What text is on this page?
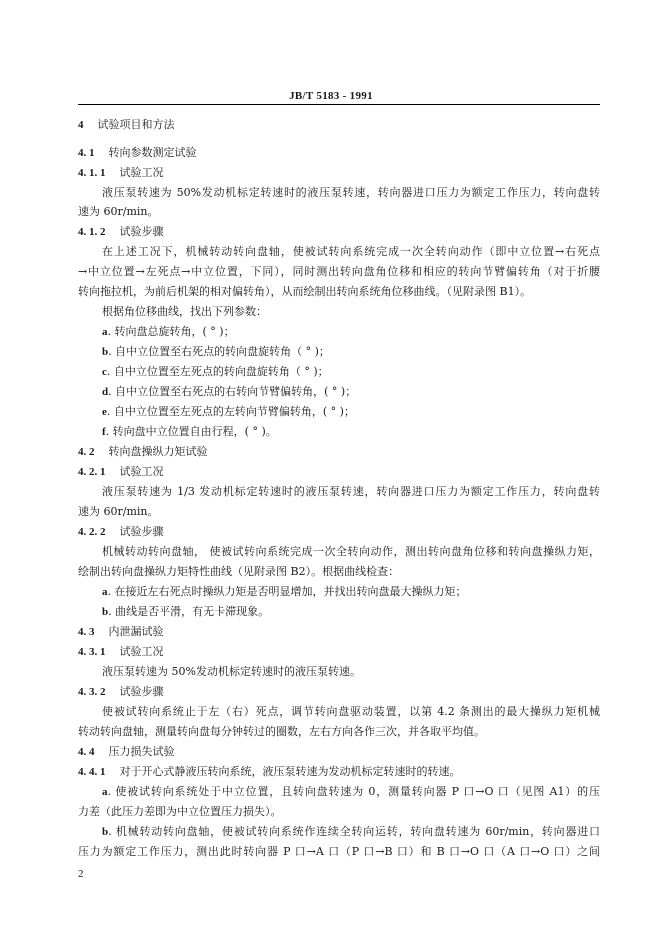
JB/T 5183 - 1991
4 试验项目和方法
4. 1 转向参数测定试验
4. 1. 1 试验工况
液压泵转速为 50%发动机标定转速时的液压泵转速，转向器进口压力为额定工作压力，转向盘转
速为 60r/min。
4. 1. 2 试验步骤
在上述工况下，机械转动转向盘轴，使被试转向系统完成一次全转向动作（即中立位置→右死点
→中立位置→左死点→中立位置，下同），同时测出转向盘角位移和相应的转向节臂偏转角（对于折腰
转向拖拉机，为前后机架的相对偏转角），从而绘制出转向系统角位移曲线。（见附录图 B1）。
根据角位移曲线，找出下列参数：
a. 转向盘总旋转角，( ° )；
b. 自中立位置至右死点的转向盘旋转角（ ° )；
c. 自中立位置至左死点的转向盘旋转角（ ° )；
d. 自中立位置至右死点的右转向节臂偏转角，( ° )；
e. 自中立位置至左死点的左转向节臂偏转角，( ° )；
f. 转向盘中立位置自由行程，( ° )。
4. 2 转向盘操纵力矩试验
4. 2. 1 试验工况
液压泵转速为 1/3 发动机标定转速时的液压泵转速，转向器进口压力为额定工作压力，转向盘转
速为 60r/min。
4. 2. 2 试验步骤
机械转动转向盘轴， 使被试转向系统完成一次全转向动作，测出转向盘角位移和转向盘操纵力矩，
绘制出转向盘操纵力矩特性曲线（见附录图 B2）。根据曲线检查：
a. 在接近左右死点时操纵力矩是否明显增加，并找出转向盘最大操纵力矩；
b. 曲线是否平滑，有无卡滞现象。
4. 3 内泄漏试验
4. 3. 1 试验工况
液压泵转速为 50%发动机标定转速时的液压泵转速。
4. 3. 2 试验步骤
使被试转向系统止于左（右）死点，调节转向盘驱动装置，以第 4.2 条测出的最大操纵力矩机械
转动转向盘轴，测量转向盘每分钟转过的圈数，左右方向各作三次，并各取平均值。
4. 4 压力损失试验
4. 4. 1 对于开心式静液压转向系统，液压泵转速为发动机标定转速时的转速。
a. 使被试转向系统处于中立位置，且转向盘转速为 0，测量转向器 P 口→O 口（见图 A1）的压
力差（此压力差即为中立位置压力损失）。
b. 机械转动转向盘轴，使被试转向系统作连续全转向运转，转向盘转速为 60r/min，转向器进口
压力为额定工作压力，测出此时转向器 P 口→A 口（P 口→B 口）和 B 口→O 口（A 口→O 口）之间
2
